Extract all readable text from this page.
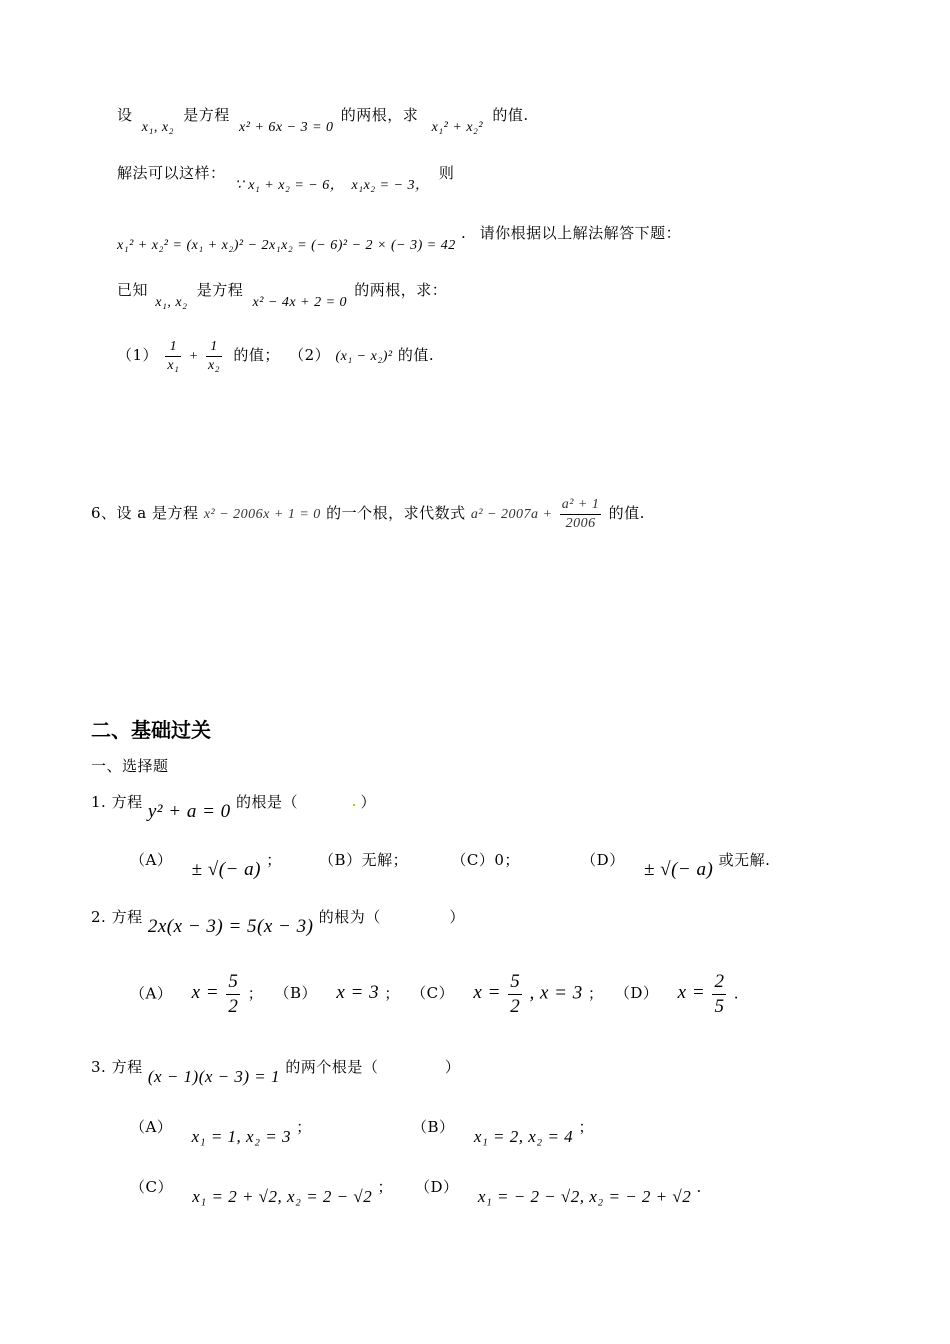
设 x₁, x₂ 是方程 x² + 6x − 3 = 0 的两根，求 x₁² + x₂² 的值.
解法可以这样： ∵ x₁ + x₂ = − 6， x₁x₂ = − 3， 则
x₁² + x₂² = (x₁ + x₂)² − 2x₁x₂ = (− 6)² − 2 × (− 3) = 42 . 请你根据以上解法解答下题：
已知 x₁, x₂ 是方程 x² − 4x + 2 = 0 的两根，求：
$(1) \frac{1}{\text{x₁}} + \frac{1}{\text{x₂}}$ 的值； （2） (x₁ − x₂)² 的值.
6、设 a 是方程 x² − 2006x + 1 = 0 的一个根，求代数式 $a^2 - 2007a + \frac{\text{a² + 1}}{2006}$ 的值.
二、基础过关
一、选择题
1. 方程 y² + a = 0 的根是（	）
（A） ± √(− a) ； （B）无解；	（C）0；	（D） ± √(− a) 或无解.
2. 方程 2x(x − 3) = 5(x − 3) 的根为（	）
（A） $x = \frac{5}{2}$ ； （B） x = 3 ； （C） $x = \frac{5}{2}$ , x = 3 ； （D） $x = \frac{2}{5}$ .
3. 方程 (x − 1)(x − 3) = 1 的两个根是（	）
（A） x₁ = 1, x₂ = 3 ；	（B） x₁ = 2, x₂ = 4 ；
（C） x₁ = 2 + √2, x₂ = 2 − √2 ； （D） x₁ = − 2 − √2, x₂ = − 2 + √2 .
